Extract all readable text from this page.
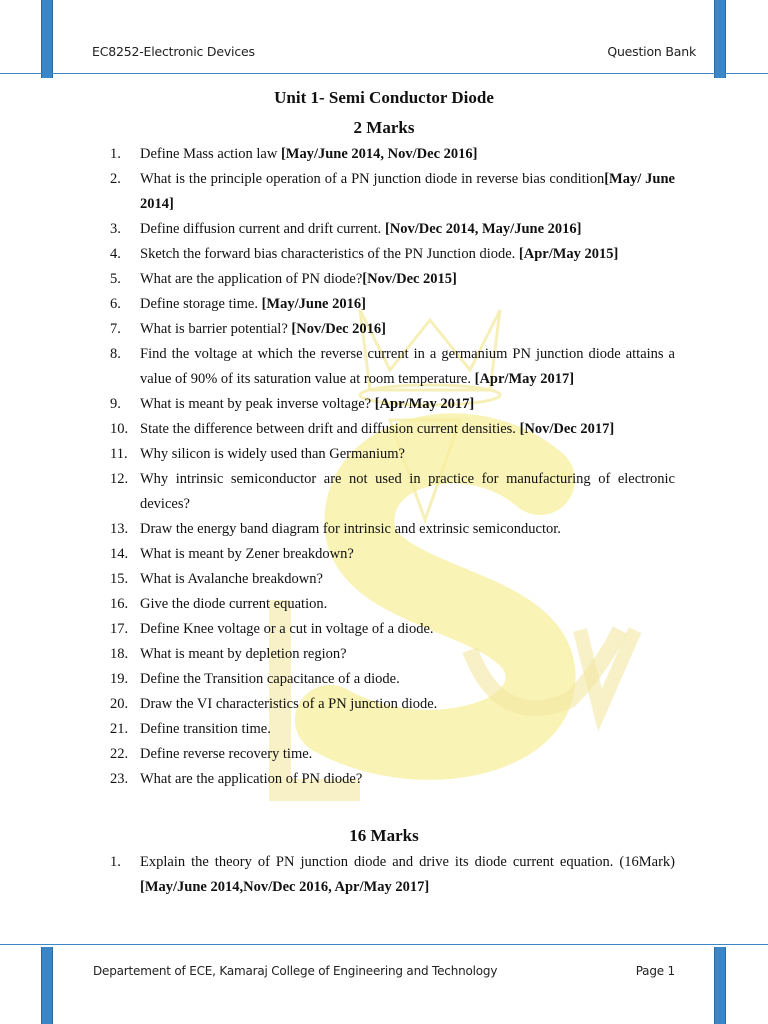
EC8252-Electronic Devices	Question Bank
Unit 1- Semi Conductor Diode
2 Marks
1. Define Mass action law [May/June 2014, Nov/Dec 2016]
2. What is the principle operation of a PN junction diode in reverse bias condition[May/ June 2014]
3. Define diffusion current and drift current. [Nov/Dec 2014, May/June 2016]
4. Sketch the forward bias characteristics of the PN Junction diode. [Apr/May 2015]
5. What are the application of PN diode?[Nov/Dec 2015]
6. Define storage time. [May/June 2016]
7. What is barrier potential? [Nov/Dec 2016]
8. Find the voltage at which the reverse current in a germanium PN junction diode attains a value of 90% of its saturation value at room temperature. [Apr/May 2017]
9. What is meant by peak inverse voltage? [Apr/May 2017]
10. State the difference between drift and diffusion current densities. [Nov/Dec 2017]
11. Why silicon is widely used than Germanium?
12. Why intrinsic semiconductor are not used in practice for manufacturing of electronic devices?
13. Draw the energy band diagram for intrinsic and extrinsic semiconductor.
14. What is meant by Zener breakdown?
15. What is Avalanche breakdown?
16. Give the diode current equation.
17. Define Knee voltage or a cut in voltage of a diode.
18. What is meant by depletion region?
19. Define the Transition capacitance of a diode.
20. Draw the VI characteristics of a PN junction diode.
21. Define transition time.
22. Define reverse recovery time.
23. What are the application of PN diode?
16 Marks
1. Explain the theory of PN junction diode and drive its diode current equation. (16Mark) [May/June 2014,Nov/Dec 2016, Apr/May 2017]
Departement of ECE, Kamaraj College of Engineering and Technology	Page 1
